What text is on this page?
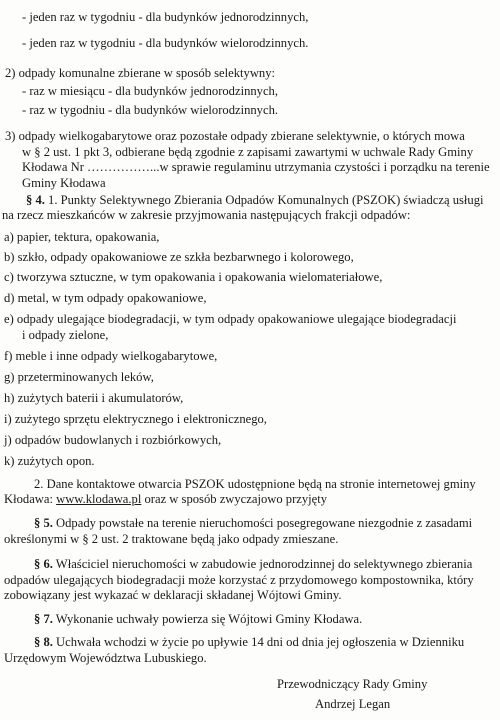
- jeden raz w tygodniu - dla budynków jednorodzinnych,
- jeden raz w tygodniu - dla budynków wielorodzinnych.
2) odpady komunalne zbierane w sposób selektywny:
- raz w miesiącu - dla budynków jednorodzinnych,
- raz w tygodniu - dla budynków wielorodzinnych.
3) odpady wielkogabarytowe oraz pozostałe odpady zbierane selektywnie, o których mowa
w § 2 ust. 1 pkt 3, odbierane będą zgodnie z zapisami zawartymi w uchwale Rady Gminy
Kłodawa Nr ……………...w sprawie regulaminu utrzymania czystości i porządku na terenie
Gminy Kłodawa
§ 4. 1. Punkty Selektywnego Zbierania Odpadów Komunalnych (PSZOK) świadczą usługi
na rzecz mieszkańców w zakresie przyjmowania następujących frakcji odpadów:
a) papier, tektura, opakowania,
b) szkło, odpady opakowaniowe ze szkła bezbarwnego i kolorowego,
c) tworzywa sztuczne, w tym opakowania i opakowania wielomateriałowe,
d) metal, w tym odpady opakowaniowe,
e) odpady ulegające biodegradacji, w tym odpady opakowaniowe ulegające biodegradacji
i odpady zielone,
f) meble i inne odpady wielkogabarytowe,
g) przeterminowanych leków,
h) zużytych baterii i akumulatorów,
i) zużytego sprzętu elektrycznego i elektronicznego,
j) odpadów budowlanych i rozbiórkowych,
k) zużytych opon.
2. Dane kontaktowe otwarcia PSZOK udostępnione będą na stronie internetowej gminy
Kłodawa: www.klodawa.pl oraz w sposób zwyczajowo przyjęty
§ 5. Odpady powstałe na terenie nieruchomości posegregowane niezgodnie z zasadami
określonymi w § 2 ust. 2 traktowane będą jako odpady zmieszane.
§ 6. Właściciel nieruchomości w zabudowie jednorodzinnej do selektywnego zbierania
odpadów ulegających biodegradacji może korzystać z przydomowego kompostownika, który
zobowiązany jest wykazać w deklaracji składanej Wójtowi Gminy.
§ 7. Wykonanie uchwały powierza się Wójtowi Gminy Kłodawa.
§ 8. Uchwała wchodzi w życie po upływie 14 dni od dnia jej ogłoszenia w Dzienniku
Urzędowym Województwa Lubuskiego.
Przewodniczący Rady Gminy
Andrzej Legan
